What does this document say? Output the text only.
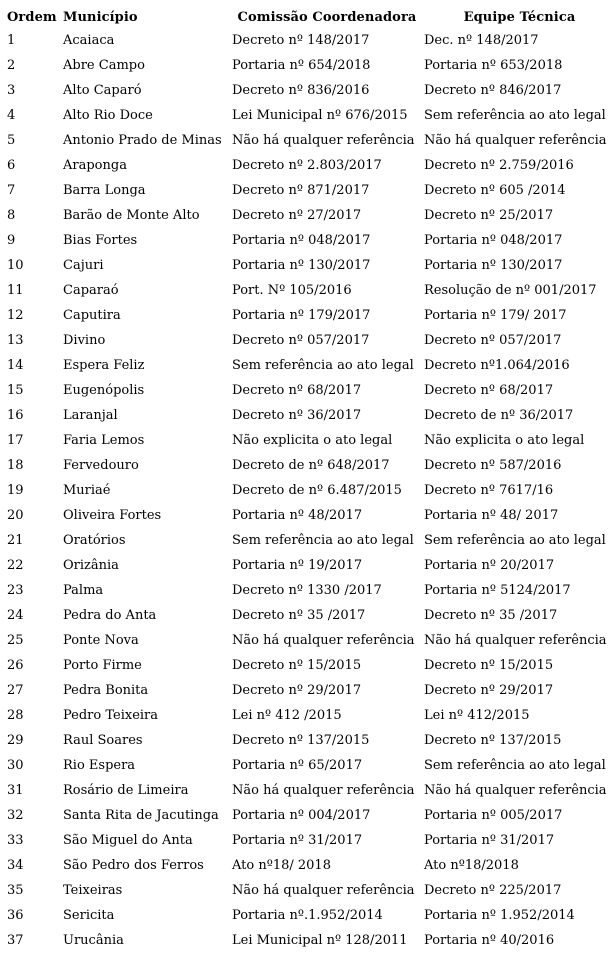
Ordem	Município	Comissão Coordenadora	Equipe Técnica
1	Acaiaca	Decreto nº 148/2017	Dec. nº 148/2017
2	Abre Campo	Portaria nº 654/2018	Portaria nº 653/2018
3	Alto Caparó	Decreto nº 836/2016	Decreto nº 846/2017
4	Alto Rio Doce	Lei Municipal nº 676/2015	Sem referência ao ato legal
5	Antonio Prado de Minas	Não há qualquer referência	Não há qualquer referência
6	Araponga	Decreto nº 2.803/2017	Decreto nº 2.759/2016
7	Barra Longa	Decreto nº 871/2017	Decreto nº 605 /2014
8	Barão de Monte Alto	Decreto nº 27/2017	Decreto nº 25/2017
9	Bias Fortes	Portaria nº 048/2017	Portaria nº 048/2017
10	Cajuri	Portaria nº 130/2017	Portaria nº 130/2017
11	Caparaó	Port. Nº 105/2016	Resolução de nº 001/2017
12	Caputira	Portaria nº 179/2017	Portaria nº 179/ 2017
13	Divino	Decreto nº 057/2017	Decreto nº 057/2017
14	Espera Feliz	Sem referência ao ato legal	Decreto nº1.064/2016
15	Eugenópolis	Decreto nº 68/2017	Decreto nº 68/2017
16	Laranjal	Decreto nº 36/2017	Decreto de nº 36/2017
17	Faria Lemos	Não explicita o ato legal	Não explicita o ato legal
18	Fervedouro	Decreto de nº 648/2017	Decreto nº 587/2016
19	Muriaé	Decreto de nº 6.487/2015	Decreto nº 7617/16
20	Oliveira Fortes	Portaria nº 48/2017	Portaria nº 48/ 2017
21	Oratórios	Sem referência ao ato legal	Sem referência ao ato legal
22	Orizânia	Portaria nº 19/2017	Portaria nº 20/2017
23	Palma	Decreto nº 1330 /2017	Portaria nº 5124/2017
24	Pedra do Anta	Decreto nº 35 /2017	Decreto nº 35 /2017
25	Ponte Nova	Não há qualquer referência	Não há qualquer referência
26	Porto Firme	Decreto nº 15/2015	Decreto nº 15/2015
27	Pedra Bonita	Decreto nº 29/2017	Decreto nº 29/2017
28	Pedro Teixeira	Lei nº 412 /2015	Lei nº 412/2015
29	Raul Soares	Decreto nº 137/2015	Decreto nº 137/2015
30	Rio Espera	Portaria nº 65/2017	Sem referência ao ato legal
31	Rosário de Limeira	Não há qualquer referência	Não há qualquer referência
32	Santa Rita de Jacutinga	Portaria nº 004/2017	Portaria nº 005/2017
33	São Miguel do Anta	Portaria nº 31/2017	Portaria nº 31/2017
34	São Pedro dos Ferros	Ato nº18/ 2018	Ato nº18/2018
35	Teixeiras	Não há qualquer referência	Decreto nº 225/2017
36	Sericita	Portaria nº.1.952/2014	Portaria nº 1.952/2014
37	Urucânia	Lei Municipal nº 128/2011	Portaria nº 40/2016
